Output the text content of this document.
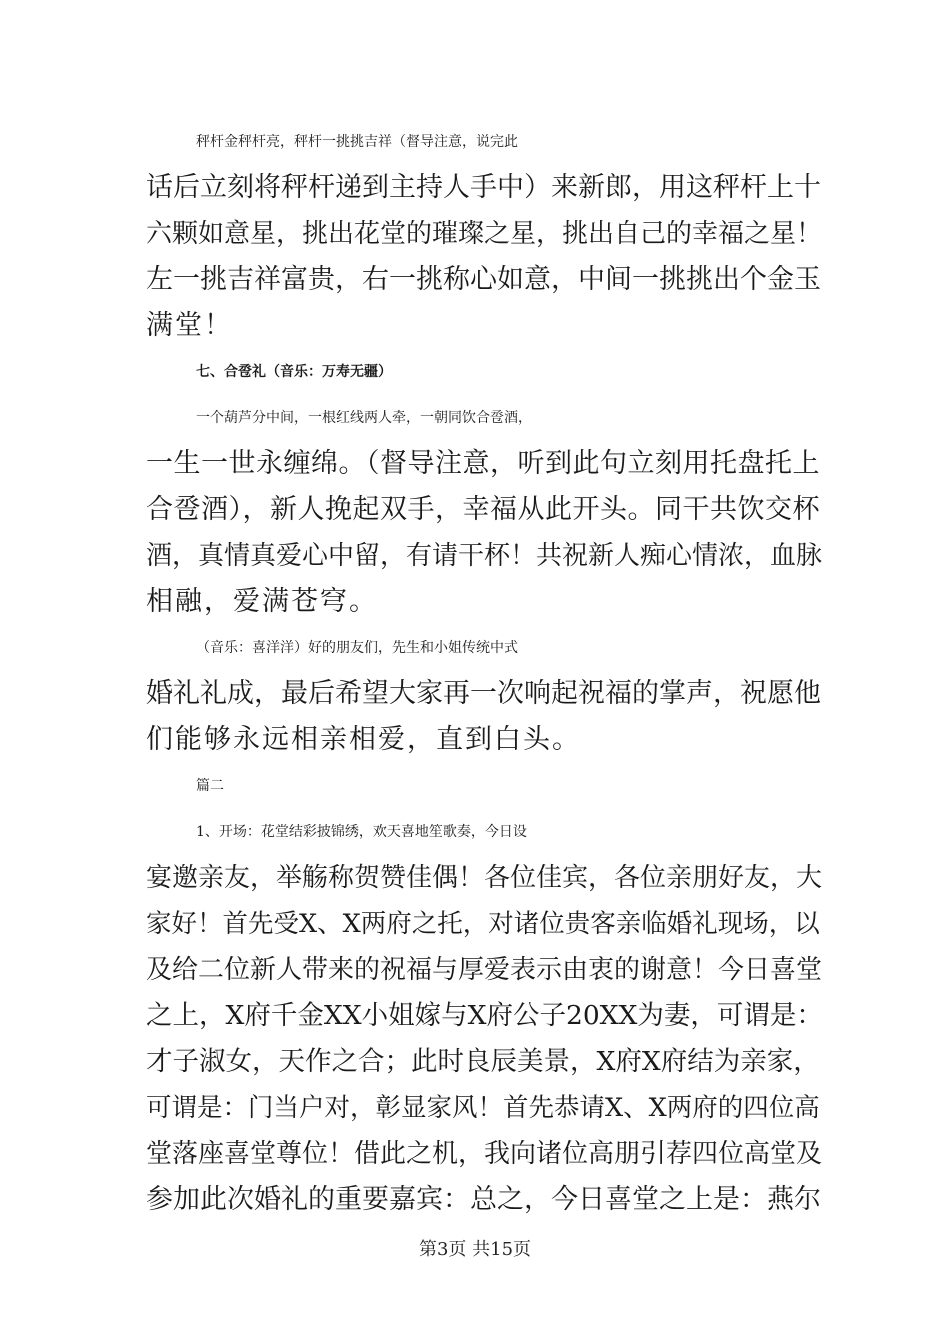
秤杆金秤杆亮，秤杆一挑挑吉祥（督导注意，说完此
话后立刻将秤杆递到主持人手中）来新郎，用这秤杆上十
六颗如意星，挑出花堂的璀璨之星，挑出自己的幸福之星！
左一挑吉祥富贵，右一挑称心如意，中间一挑挑出个金玉
满堂！
七、合卺礼（音乐：万寿无疆）
一个葫芦分中间，一根红线两人牵，一朝同饮合卺酒，
一生一世永缠绵。（督导注意，听到此句立刻用托盘托上
合卺酒），新人挽起双手，幸福从此开头。同干共饮交杯
酒，真情真爱心中留，有请干杯！共祝新人痴心情浓，血脉
相融，爱满苍穹。
（音乐：喜洋洋）好的朋友们，先生和小姐传统中式
婚礼礼成，最后希望大家再一次响起祝福的掌声，祝愿他
们能够永远相亲相爱，直到白头。
篇二
1、开场：花堂结彩披锦绣，欢天喜地笙歌奏，今日设
宴邀亲友，举觞称贺赞佳偶！各位佳宾，各位亲朋好友，大
家好！首先受X、X两府之托，对诸位贵客亲临婚礼现场，以
及给二位新人带来的祝福与厚爱表示由衷的谢意！今日喜堂
之上，X府千金XX小姐嫁与X府公子20XX为妻，可谓是：
才子淑女，天作之合；此时良辰美景，X府X府结为亲家，
可谓是：门当户对，彰显家风！首先恭请X、X两府的四位高
堂落座喜堂尊位！借此之机，我向诸位高朋引荐四位高堂及
参加此次婚礼的重要嘉宾：总之，今日喜堂之上是：燕尔
第3页 共15页
